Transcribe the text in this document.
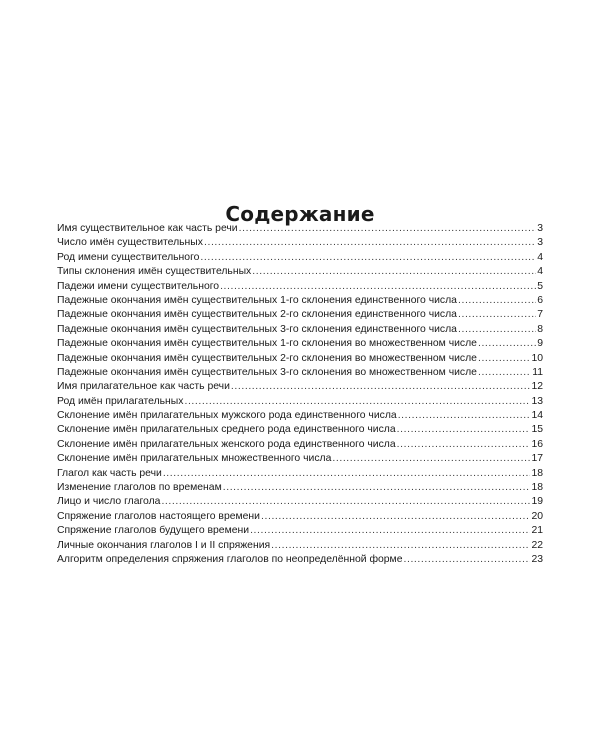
Содержание
Имя существительное как часть речи .....	3
Число имён существительных .....	3
Род имени существительного .....	4
Типы склонения имён существительных .....	4
Падежи имени существительного .....	5
Падежные окончания имён существительных 1-го склонения единственного числа .....	6
Падежные окончания имён существительных 2-го склонения единственного числа .....	7
Падежные окончания имён существительных 3-го склонения единственного числа .....	8
Падежные окончания имён существительных 1-го склонения во множественном числе .....	9
Падежные окончания имён существительных 2-го склонения во множественном числе .....	10
Падежные окончания имён существительных 3-го склонения во множественном числе .....	11
Имя прилагательное как часть речи .....	12
Род имён прилагательных .....	13
Склонение имён прилагательных мужского рода единственного числа .....	14
Склонение имён прилагательных среднего рода единственного числа .....	15
Склонение имён прилагательных женского рода единственного числа .....	16
Склонение имён прилагательных множественного числа .....	17
Глагол как часть речи .....	18
Изменение глаголов по временам .....	18
Лицо и число глагола .....	19
Спряжение глаголов настоящего времени .....	20
Спряжение глаголов будущего времени .....	21
Личные окончания глаголов I и II спряжения .....	22
Алгоритм определения спряжения глаголов по неопределённой форме .....	23
